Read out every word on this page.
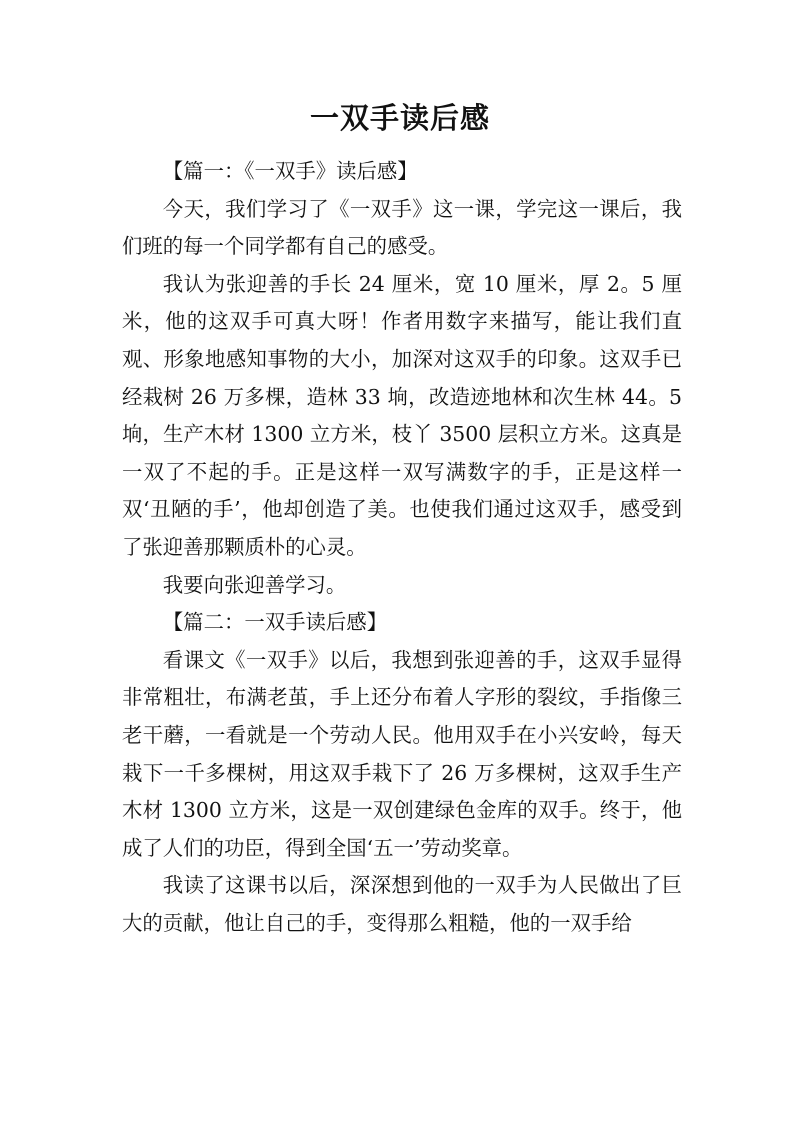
一双手读后感

【篇一：《一双手》读后感】

今天，我们学习了《一双手》这一课，学完这一课后，我们班的每一个同学都有自己的感受。

我认为张迎善的手长 24 厘米，宽 10 厘米，厚 2。5 厘米，他的这双手可真大呀！作者用数字来描写，能让我们直观、形象地感知事物的大小，加深对这双手的印象。这双手已经栽树 26 万多棵，造林 33 垧，改造迹地林和次生林 44。5 垧，生产木材 1300 立方米，枝丫 3500 层积立方米。这真是一双了不起的手。正是这样一双写满数字的手，正是这样一双‘丑陋的手’，他却创造了美。也使我们通过这双手，感受到了张迎善那颗质朴的心灵。

我要向张迎善学习。

【篇二：一双手读后感】

看课文《一双手》以后，我想到张迎善的手，这双手显得非常粗壮，布满老茧，手上还分布着人字形的裂纹，手指像三老干蘑，一看就是一个劳动人民。他用双手在小兴安岭，每天栽下一千多棵树，用这双手栽下了 26 万多棵树，这双手生产木材 1300 立方米，这是一双创建绿色金库的双手。终于，他成了人们的功臣，得到全国‘五一’劳动奖章。

我读了这课书以后，深深想到他的一双手为人民做出了巨大的贡献，他让自己的手，变得那么粗糙，他的一双手给
